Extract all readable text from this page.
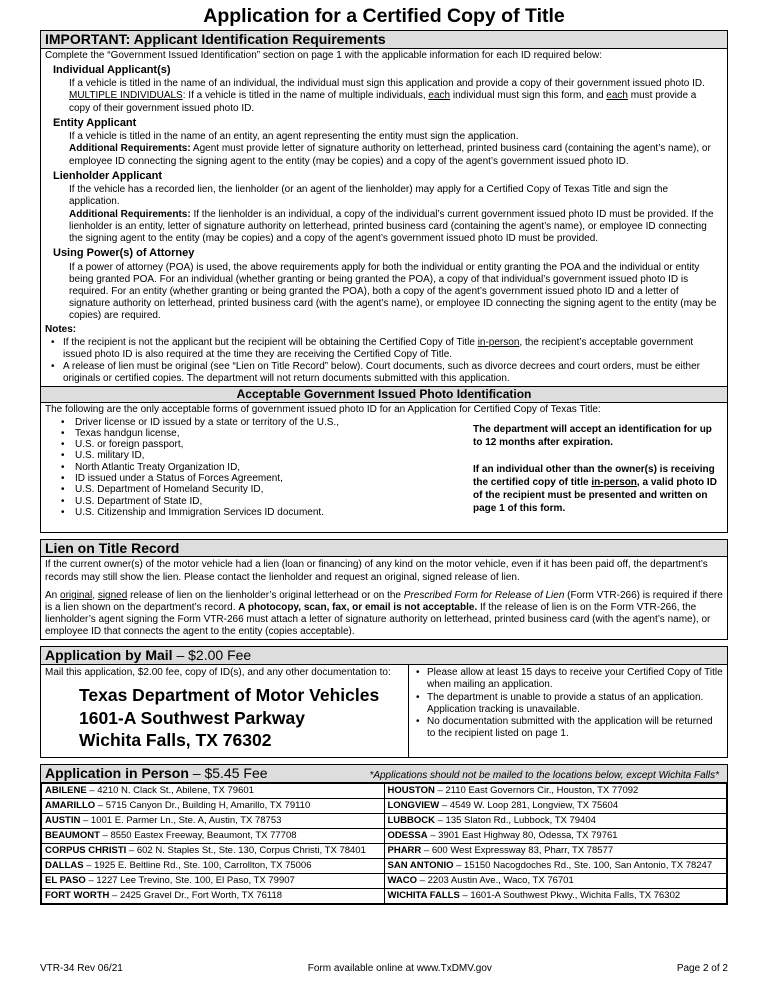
Application for a Certified Copy of Title
IMPORTANT: Applicant Identification Requirements
Complete the “Government Issued Identification” section on page 1 with the applicable information for each ID required below:
Individual Applicant(s)

If a vehicle is titled in the name of an individual, the individual must sign this application and provide a copy of their government issued photo ID.

MULTIPLE INDIVIDUALS: If a vehicle is titled in the name of multiple individuals, each individual must sign this form, and each must provide a copy of their government issued photo ID.

Entity Applicant

If a vehicle is titled in the name of an entity, an agent representing the entity must sign the application.

Additional Requirements: Agent must provide letter of signature authority on letterhead, printed business card (containing the agent’s name), or employee ID connecting the signing agent to the entity (may be copies) and a copy of the agent’s government issued photo ID.

Lienholder Applicant

If the vehicle has a recorded lien, the lienholder (or an agent of the lienholder) may apply for a Certified Copy of Texas Title and sign the application.

Additional Requirements: If the lienholder is an individual, a copy of the individual’s current government issued photo ID must be provided. If the lienholder is an entity, letter of signature authority on letterhead, printed business card (containing the agent’s name), or employee ID connecting the signing agent to the entity (may be copies) and a copy of the agent’s government issued photo ID must be provided.

Using Power(s) of Attorney

If a power of attorney (POA) is used, the above requirements apply for both the individual or entity granting the POA and the individual or entity being granted POA. For an individual (whether granting or being granted the POA), a copy of that individual’s government issued photo ID is required. For an entity (whether granting or being granted the POA), both a copy of the agent’s government issued photo ID and a letter of signature authority on letterhead, printed business card (with the agent’s name), or employee ID connecting the signing agent to the entity (may be copies) are required.

Notes:
• If the recipient is not the applicant but the recipient will be obtaining the Certified Copy of Title in-person, the recipient’s acceptable government issued photo ID is also required at the time they are receiving the Certified Copy of Title.
• A release of lien must be original (see “Lien on Title Record” below). Court documents, such as divorce decrees and court orders, must be either originals or certified copies. The department will not return documents submitted with this application.
Acceptable Government Issued Photo Identification
The following are the only acceptable forms of government issued photo ID for an Application for Certified Copy of Texas Title:
• Driver license or ID issued by a state or territory of the U.S.,
• Texas handgun license,
• U.S. or foreign passport,
• U.S. military ID,
• North Atlantic Treaty Organization ID,
• ID issued under a Status of Forces Agreement,
• U.S. Department of Homeland Security ID,
• U.S. Department of State ID,
• U.S. Citizenship and Immigration Services ID document.

The department will accept an identification for up to 12 months after expiration.

If an individual other than the owner(s) is receiving the certified copy of title in-person, a valid photo ID of the recipient must be presented and written on page 1 of this form.

Lien on Title Record

If the current owner(s) of the motor vehicle had a lien (loan or financing) of any kind on the motor vehicle, even if it has been paid off, the department’s records may still show the lien. Please contact the lienholder and request an original, signed release of lien.

An original, signed release of lien on the lienholder’s original letterhead or on the Prescribed Form for Release of Lien (Form VTR-266) is required if there is a lien shown on the department’s record. A photocopy, scan, fax, or email is not acceptable. If the release of lien is on the Form VTR-266, the lienholder’s agent signing the Form VTR-266 must attach a letter of signature authority on letterhead, printed business card (with the agent’s name), or employee ID that connects the agent to the entity (copies acceptable).

Application by Mail – $2.00 Fee
Mail this application, $2.00 fee, copy of ID(s), and any other documentation to:
Texas Department of Motor Vehicles
1601-A Southwest Parkway
Wichita Falls, TX 76302
• Please allow at least 15 days to receive your Certified Copy of Title when mailing an application.
• The department is unable to provide a status of an application. Application tracking is unavailable.
• No documentation submitted with the application will be returned to the recipient listed on page 1.
Application in Person – $5.45 Fee	*Applications should not be mailed to the locations below, except Wichita Falls*
ABILENE – 4210 N. Clack St., Abilene, TX 79601	HOUSTON – 2110 East Governors Cir., Houston, TX 77092
AMARILLO – 5715 Canyon Dr., Building H, Amarillo, TX 79110	LONGVIEW – 4549 W. Loop 281, Longview, TX 75604
AUSTIN – 1001 E. Parmer Ln., Ste. A, Austin, TX 78753	LUBBOCK – 135 Slaton Rd., Lubbock, TX 79404
BEAUMONT – 8550 Eastex Freeway, Beaumont, TX 77708	ODESSA – 3901 East Highway 80, Odessa, TX 79761
CORPUS CHRISTI – 602 N. Staples St., Ste. 130, Corpus Christi, TX 78401	PHARR – 600 West Expressway 83, Pharr, TX 78577
DALLAS – 1925 E. Beltline Rd., Ste. 100, Carrollton, TX 75006	SAN ANTONIO – 15150 Nacogdoches Rd., Ste. 100, San Antonio, TX 78247
EL PASO – 1227 Lee Trevino, Ste. 100, El Paso, TX 79907	WACO – 2203 Austin Ave., Waco, TX 76701
FORT WORTH – 2425 Gravel Dr., Fort Worth, TX 76118	WICHITA FALLS – 1601-A Southwest Pkwy., Wichita Falls, TX 76302
VTR-34 Rev 06/21	Form available online at www.TxDMV.gov	Page 2 of 2
